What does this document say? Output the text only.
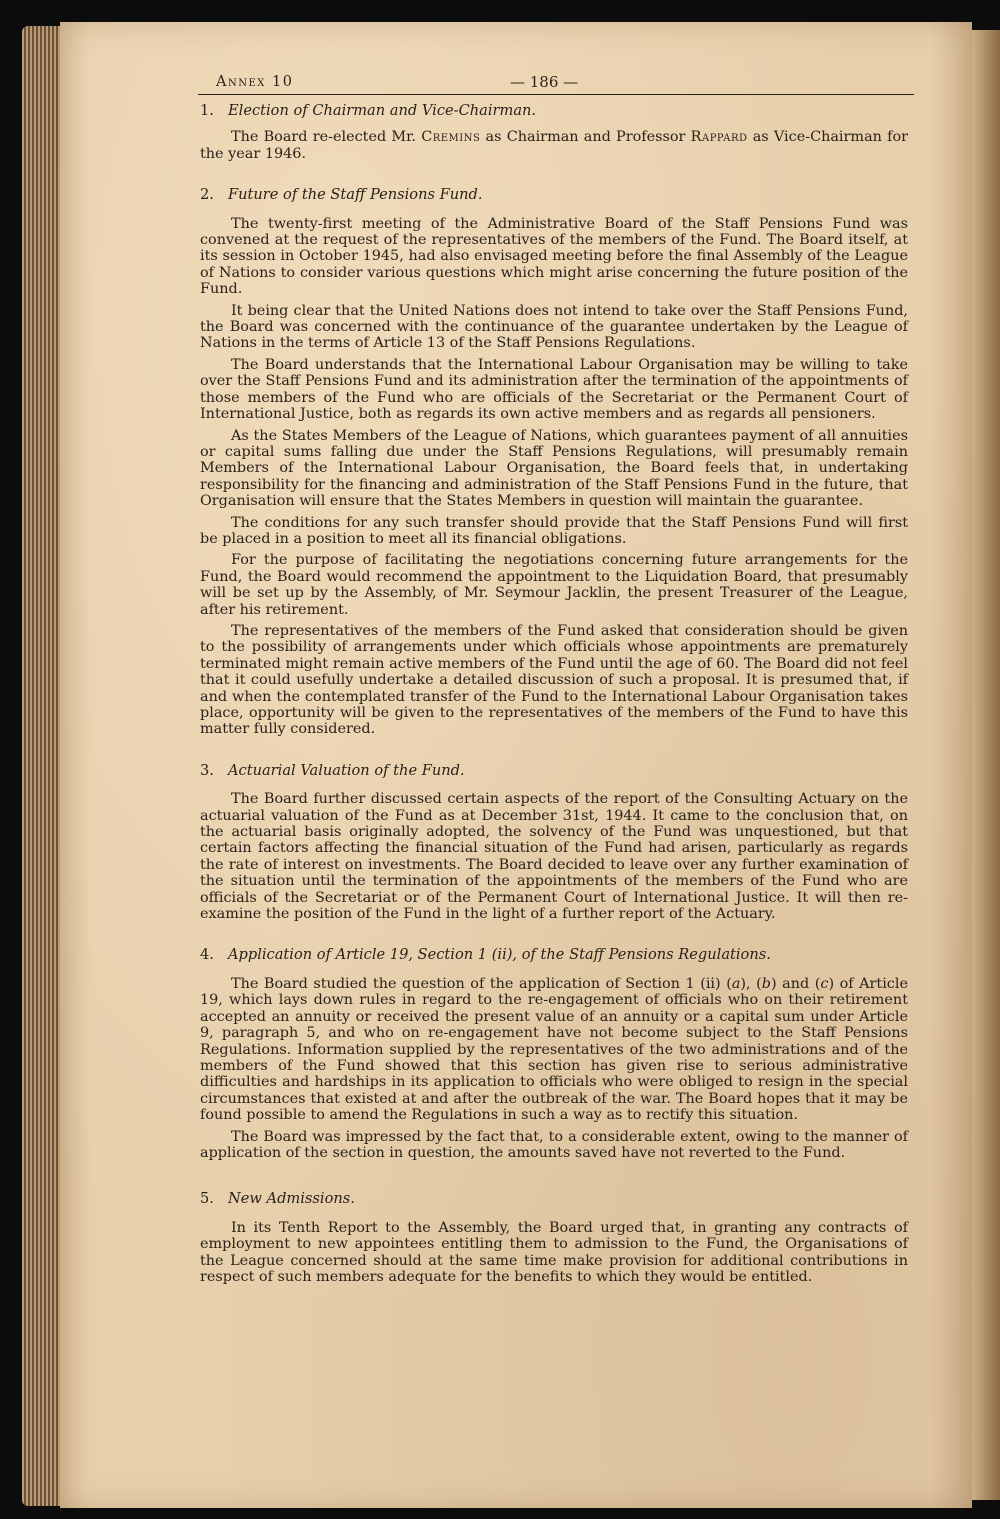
Annex 10	— 186 —
1. Election of Chairman and Vice-Chairman.

The Board re-elected Mr. Cremins as Chairman and Professor Rappard as Vice-Chairman for the year 1946.

2. Future of the Staff Pensions Fund.

The twenty-first meeting of the Administrative Board of the Staff Pensions Fund was convened at the request of the representatives of the members of the Fund. The Board itself, at its session in October 1945, had also envisaged meeting before the final Assembly of the League of Nations to consider various questions which might arise concerning the future position of the Fund.

It being clear that the United Nations does not intend to take over the Staff Pensions Fund, the Board was concerned with the continuance of the guarantee undertaken by the League of Nations in the terms of Article 13 of the Staff Pensions Regulations.

The Board understands that the International Labour Organisation may be willing to take over the Staff Pensions Fund and its administration after the termination of the appointments of those members of the Fund who are officials of the Secretariat or the Permanent Court of International Justice, both as regards its own active members and as regards all pensioners.

As the States Members of the League of Nations, which guarantees payment of all annuities or capital sums falling due under the Staff Pensions Regulations, will presumably remain Members of the International Labour Organisation, the Board feels that, in undertaking responsibility for the financing and administration of the Staff Pensions Fund in the future, that Organisation will ensure that the States Members in question will maintain the guarantee.

The conditions for any such transfer should provide that the Staff Pensions Fund will first be placed in a position to meet all its financial obligations.

For the purpose of facilitating the negotiations concerning future arrangements for the Fund, the Board would recommend the appointment to the Liquidation Board, that presumably will be set up by the Assembly, of Mr. Seymour Jacklin, the present Treasurer of the League, after his retirement.

The representatives of the members of the Fund asked that consideration should be given to the possibility of arrangements under which officials whose appointments are prematurely terminated might remain active members of the Fund until the age of 60. The Board did not feel that it could usefully undertake a detailed discussion of such a proposal. It is presumed that, if and when the contemplated transfer of the Fund to the International Labour Organisation takes place, opportunity will be given to the representatives of the members of the Fund to have this matter fully considered.

3. Actuarial Valuation of the Fund.

The Board further discussed certain aspects of the report of the Consulting Actuary on the actuarial valuation of the Fund as at December 31st, 1944. It came to the conclusion that, on the actuarial basis originally adopted, the solvency of the Fund was unquestioned, but that certain factors affecting the financial situation of the Fund had arisen, particularly as regards the rate of interest on investments. The Board decided to leave over any further examination of the situation until the termination of the appointments of the members of the Fund who are officials of the Secretariat or of the Permanent Court of International Justice. It will then re-examine the position of the Fund in the light of a further report of the Actuary.

4. Application of Article 19, Section 1 (ii), of the Staff Pensions Regulations.

The Board studied the question of the application of Section 1 (ii) (a), (b) and (c) of Article 19, which lays down rules in regard to the re-engagement of officials who on their retirement accepted an annuity or received the present value of an annuity or a capital sum under Article 9, paragraph 5, and who on re-engagement have not become subject to the Staff Pensions Regulations. Information supplied by the representatives of the two administrations and of the members of the Fund showed that this section has given rise to serious administrative difficulties and hardships in its application to officials who were obliged to resign in the special circumstances that existed at and after the outbreak of the war. The Board hopes that it may be found possible to amend the Regulations in such a way as to rectify this situation.

The Board was impressed by the fact that, to a considerable extent, owing to the manner of application of the section in question, the amounts saved have not reverted to the Fund.

5. New Admissions.

In its Tenth Report to the Assembly, the Board urged that, in granting any contracts of employment to new appointees entitling them to admission to the Fund, the Organisations of the League concerned should at the same time make provision for additional contributions in respect of such members adequate for the benefits to which they would be entitled.
